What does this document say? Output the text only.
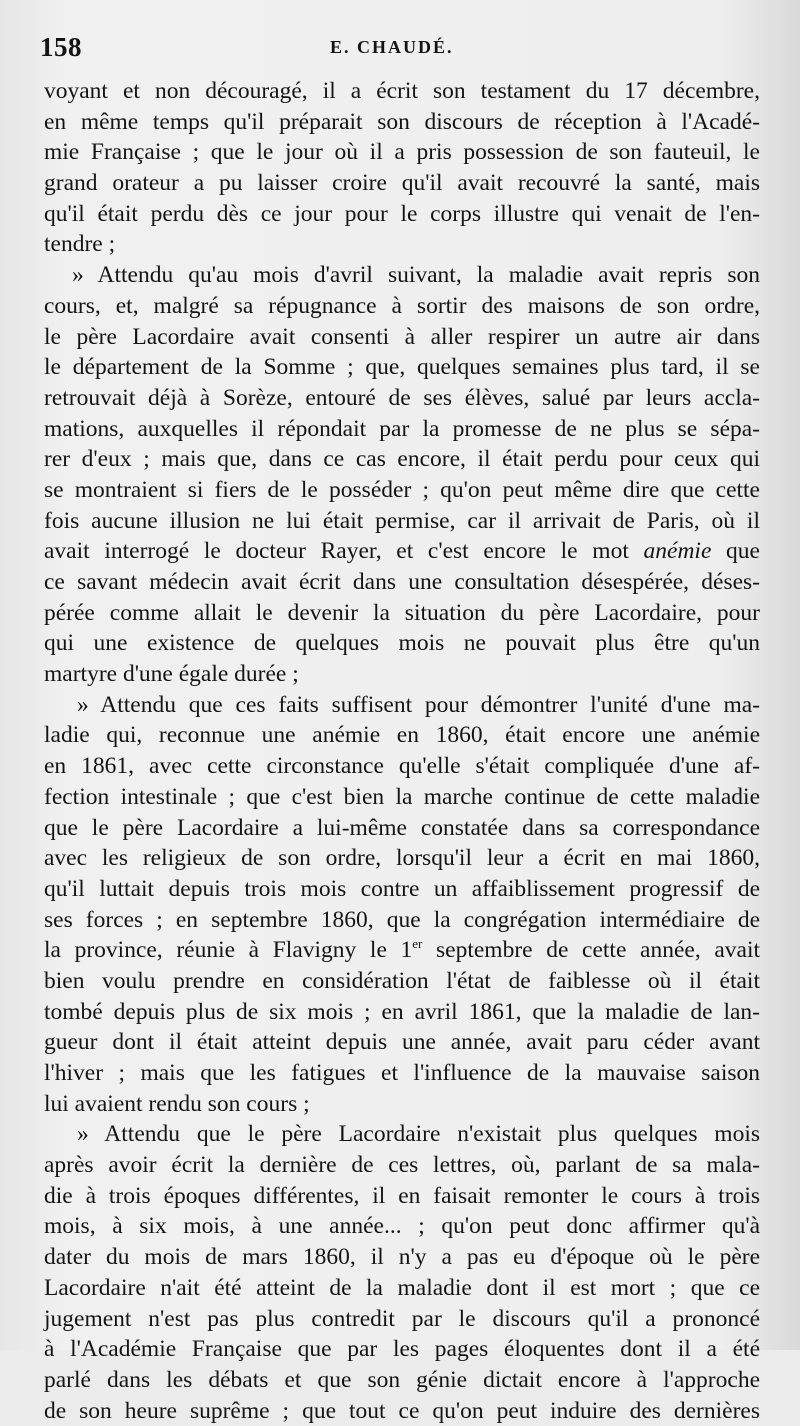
158	E. CHAUDÉ.
voyant et non découragé, il a écrit son testament du 17 décembre,
en même temps qu'il préparait son discours de réception à l'Acadé-
mie Française ; que le jour où il a pris possession de son fauteuil, le
grand orateur a pu laisser croire qu'il avait recouvré la santé, mais
qu'il était perdu dès ce jour pour le corps illustre qui venait de l'en-
tendre ;
» Attendu qu'au mois d'avril suivant, la maladie avait repris son
cours, et, malgré sa répugnance à sortir des maisons de son ordre,
le père Lacordaire avait consenti à aller respirer un autre air dans
le département de la Somme ; que, quelques semaines plus tard, il se
retrouvait déjà à Sorèze, entouré de ses élèves, salué par leurs accla-
mations, auxquelles il répondait par la promesse de ne plus se sépa-
rer d'eux ; mais que, dans ce cas encore, il était perdu pour ceux qui
se montraient si fiers de le posséder ; qu'on peut même dire que cette
fois aucune illusion ne lui était permise, car il arrivait de Paris, où il
avait interrogé le docteur Rayer, et c'est encore le mot anémie que
ce savant médecin avait écrit dans une consultation désespérée, déses-
pérée comme allait le devenir la situation du père Lacordaire, pour
qui une existence de quelques mois ne pouvait plus être qu'un
martyre d'une égale durée ;
» Attendu que ces faits suffisent pour démontrer l'unité d'une ma-
ladie qui, reconnue une anémie en 1860, était encore une anémie
en 1861, avec cette circonstance qu'elle s'était compliquée d'une af-
fection intestinale ; que c'est bien la marche continue de cette maladie
que le père Lacordaire a lui-même constatée dans sa correspondance
avec les religieux de son ordre, lorsqu'il leur a écrit en mai 1860,
qu'il luttait depuis trois mois contre un affaiblissement progressif de
ses forces ; en septembre 1860, que la congrégation intermédiaire de
la province, réunie à Flavigny le 1er septembre de cette année, avait
bien voulu prendre en considération l'état de faiblesse où il était
tombé depuis plus de six mois ; en avril 1861, que la maladie de lan-
gueur dont il était atteint depuis une année, avait paru céder avant
l'hiver ; mais que les fatigues et l'influence de la mauvaise saison
lui avaient rendu son cours ;
» Attendu que le père Lacordaire n'existait plus quelques mois
après avoir écrit la dernière de ces lettres, où, parlant de sa mala-
die à trois époques différentes, il en faisait remonter le cours à trois
mois, à six mois, à une année... ; qu'on peut donc affirmer qu'à
dater du mois de mars 1860, il n'y a pas eu d'époque où le père
Lacordaire n'ait été atteint de la maladie dont il est mort ; que ce
jugement n'est pas plus contredit par le discours qu'il a prononcé
à l'Académie Française que par les pages éloquentes dont il a été
parlé dans les débats et que son génie dictait encore à l'approche
de son heure suprême ; que tout ce qu'on peut induire des dernières
